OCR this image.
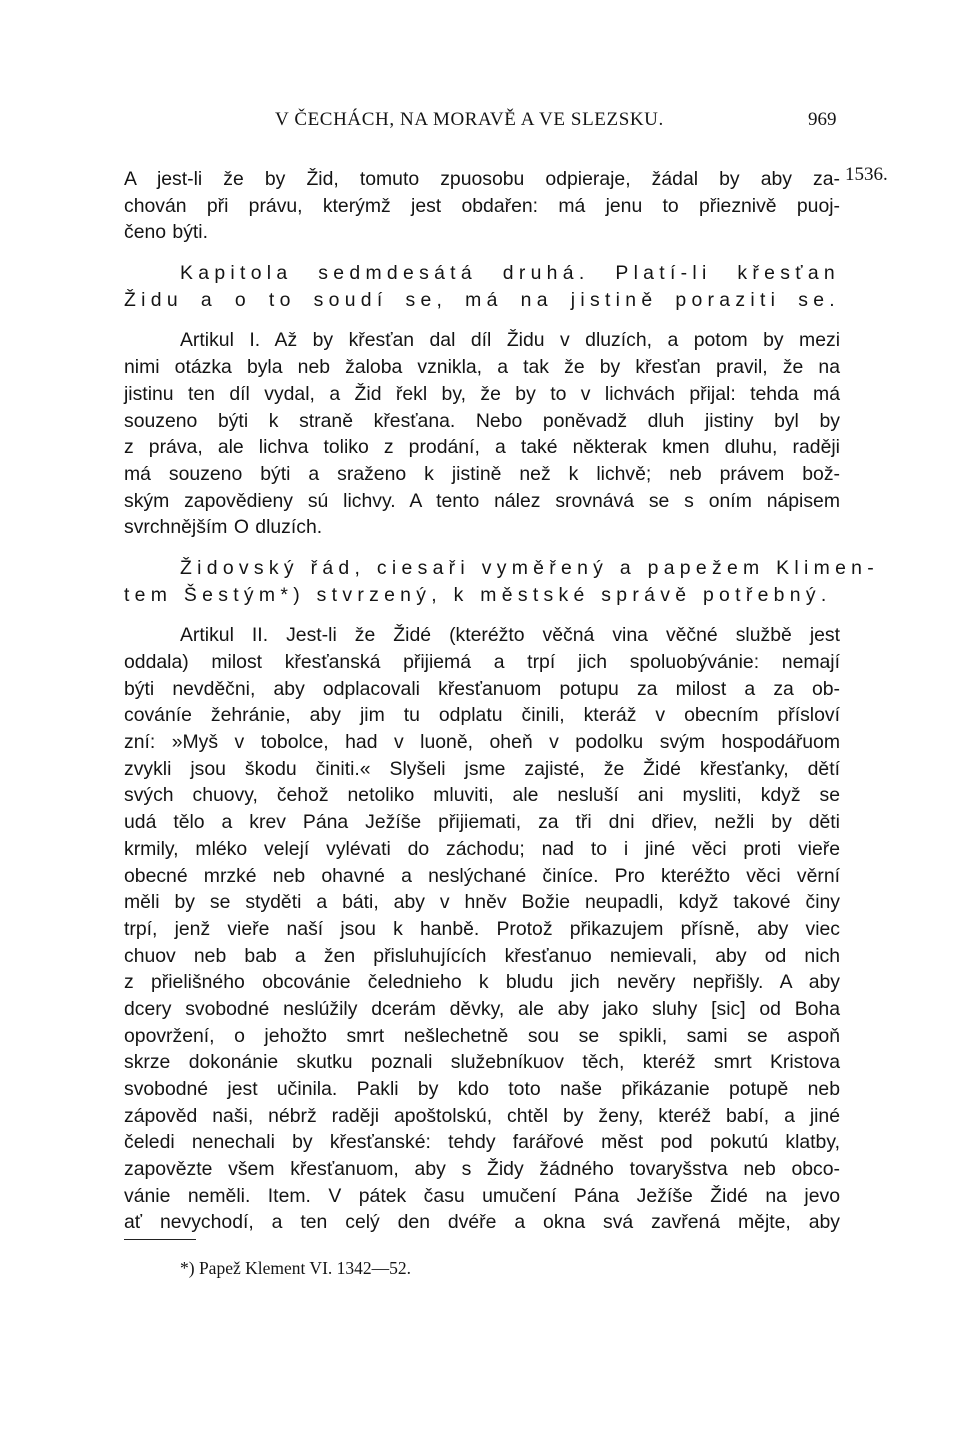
V ČECHÁCH, NA MORAVĚ A VE SLEZSKU.	969
1536.
A jest-li že by Žid, tomuto zpuosobu odpieraje, žádal by aby za-
chován při právu, kterýmž jest obdařen: má jenu to přieznivě puoj-
čeno býti.
Kapitola sedmdesátá druhá. Platí-li křesťan
Židu a o to soudí se, má na jistině poraziti se.
Artikul I. Až by křesťan dal díl Židu v dluzích, a potom by mezi
nimi otázka byla neb žaloba vznikla, a tak že by křesťan pravil, že na
jistinu ten díl vydal, a Žid řekl by, že by to v lichvách přijal: tehda má
souzeno býti k straně křesťana. Nebo poněvadž dluh jistiny byl by
z práva, ale lichva toliko z prodání, a také některak kmen dluhu, raději
má souzeno býti a sraženo k jistině než k lichvě; neb právem bož-
ským zapovědieny sú lichvy. A tento nález srovnává se s oním nápisem
svrchnějším O dluzích.
Židovský řád, ciesaři vyměřený a papežem Klimen-
tem Šestým*) stvrzený, k městské správě potřebný.
Artikul II. Jest-li že Židé (kteréžto věčná vina věčné službě jest
oddala) milost křesťanská přijiemá a trpí jich spoluobývánie: nemají
býti nevděčni, aby odplacovali křesťanuom potupu za milost a za ob-
cováníe žehránie, aby jim tu odplatu činili, kteráž v obecním přísloví
zní: »Myš v tobolce, had v luoně, oheň v podolku svým hospodářuom
zvykli jsou škodu činiti.« Slyšeli jsme zajisté, že Židé křesťanky, dětí
svých chuovy, čehož netoliko mluviti, ale nesluší ani mysliti, když se
udá tělo a krev Pána Ježíše přijiemati, za tři dni dřiev, nežli by děti
krmily, mléko velejí vylévati do záchodu; nad to i jiné věci proti vieře
obecné mrzké neb ohavné a neslýchané činíce. Pro kteréžto věci věrní
měli by se styděti a báti, aby v hněv Božie neupadli, když takové činy
trpí, jenž vieře naší jsou k hanbě. Protož přikazujem přísně, aby viec
chuov neb bab a žen přisluhujících křesťanuo nemievali, aby od nich
z přielišného obcovánie čelednieho k bludu jich nevěry nepřišly. A aby
dcery svobodné neslúžily dcerám děvky, ale aby jako sluhy [sic] od Boha
opovržení, o jehožto smrt nešlechetně sou se spikli, sami se aspoň
skrze dokonánie skutku poznali služebníkuov těch, kteréž smrt Kristova
svobodné jest učinila. Pakli by kdo toto naše přikázanie potupě neb
zápověd naši, nébrž raději apoštolskú, chtěl by ženy, kteréž babí, a jiné
čeledi nenechali by křesťanské: tehdy farářové měst pod pokutú klatby,
zapovězte všem křesťanuom, aby s Židy žádného tovaryšstva neb obco-
vánie neměli. Item. V pátek času umučení Pána Ježíše Židé na jevo
ať nevychodí, a ten celý den dvéře a okna svá zavřená mějte, aby
*) Papež Klement VI. 1342—52.
